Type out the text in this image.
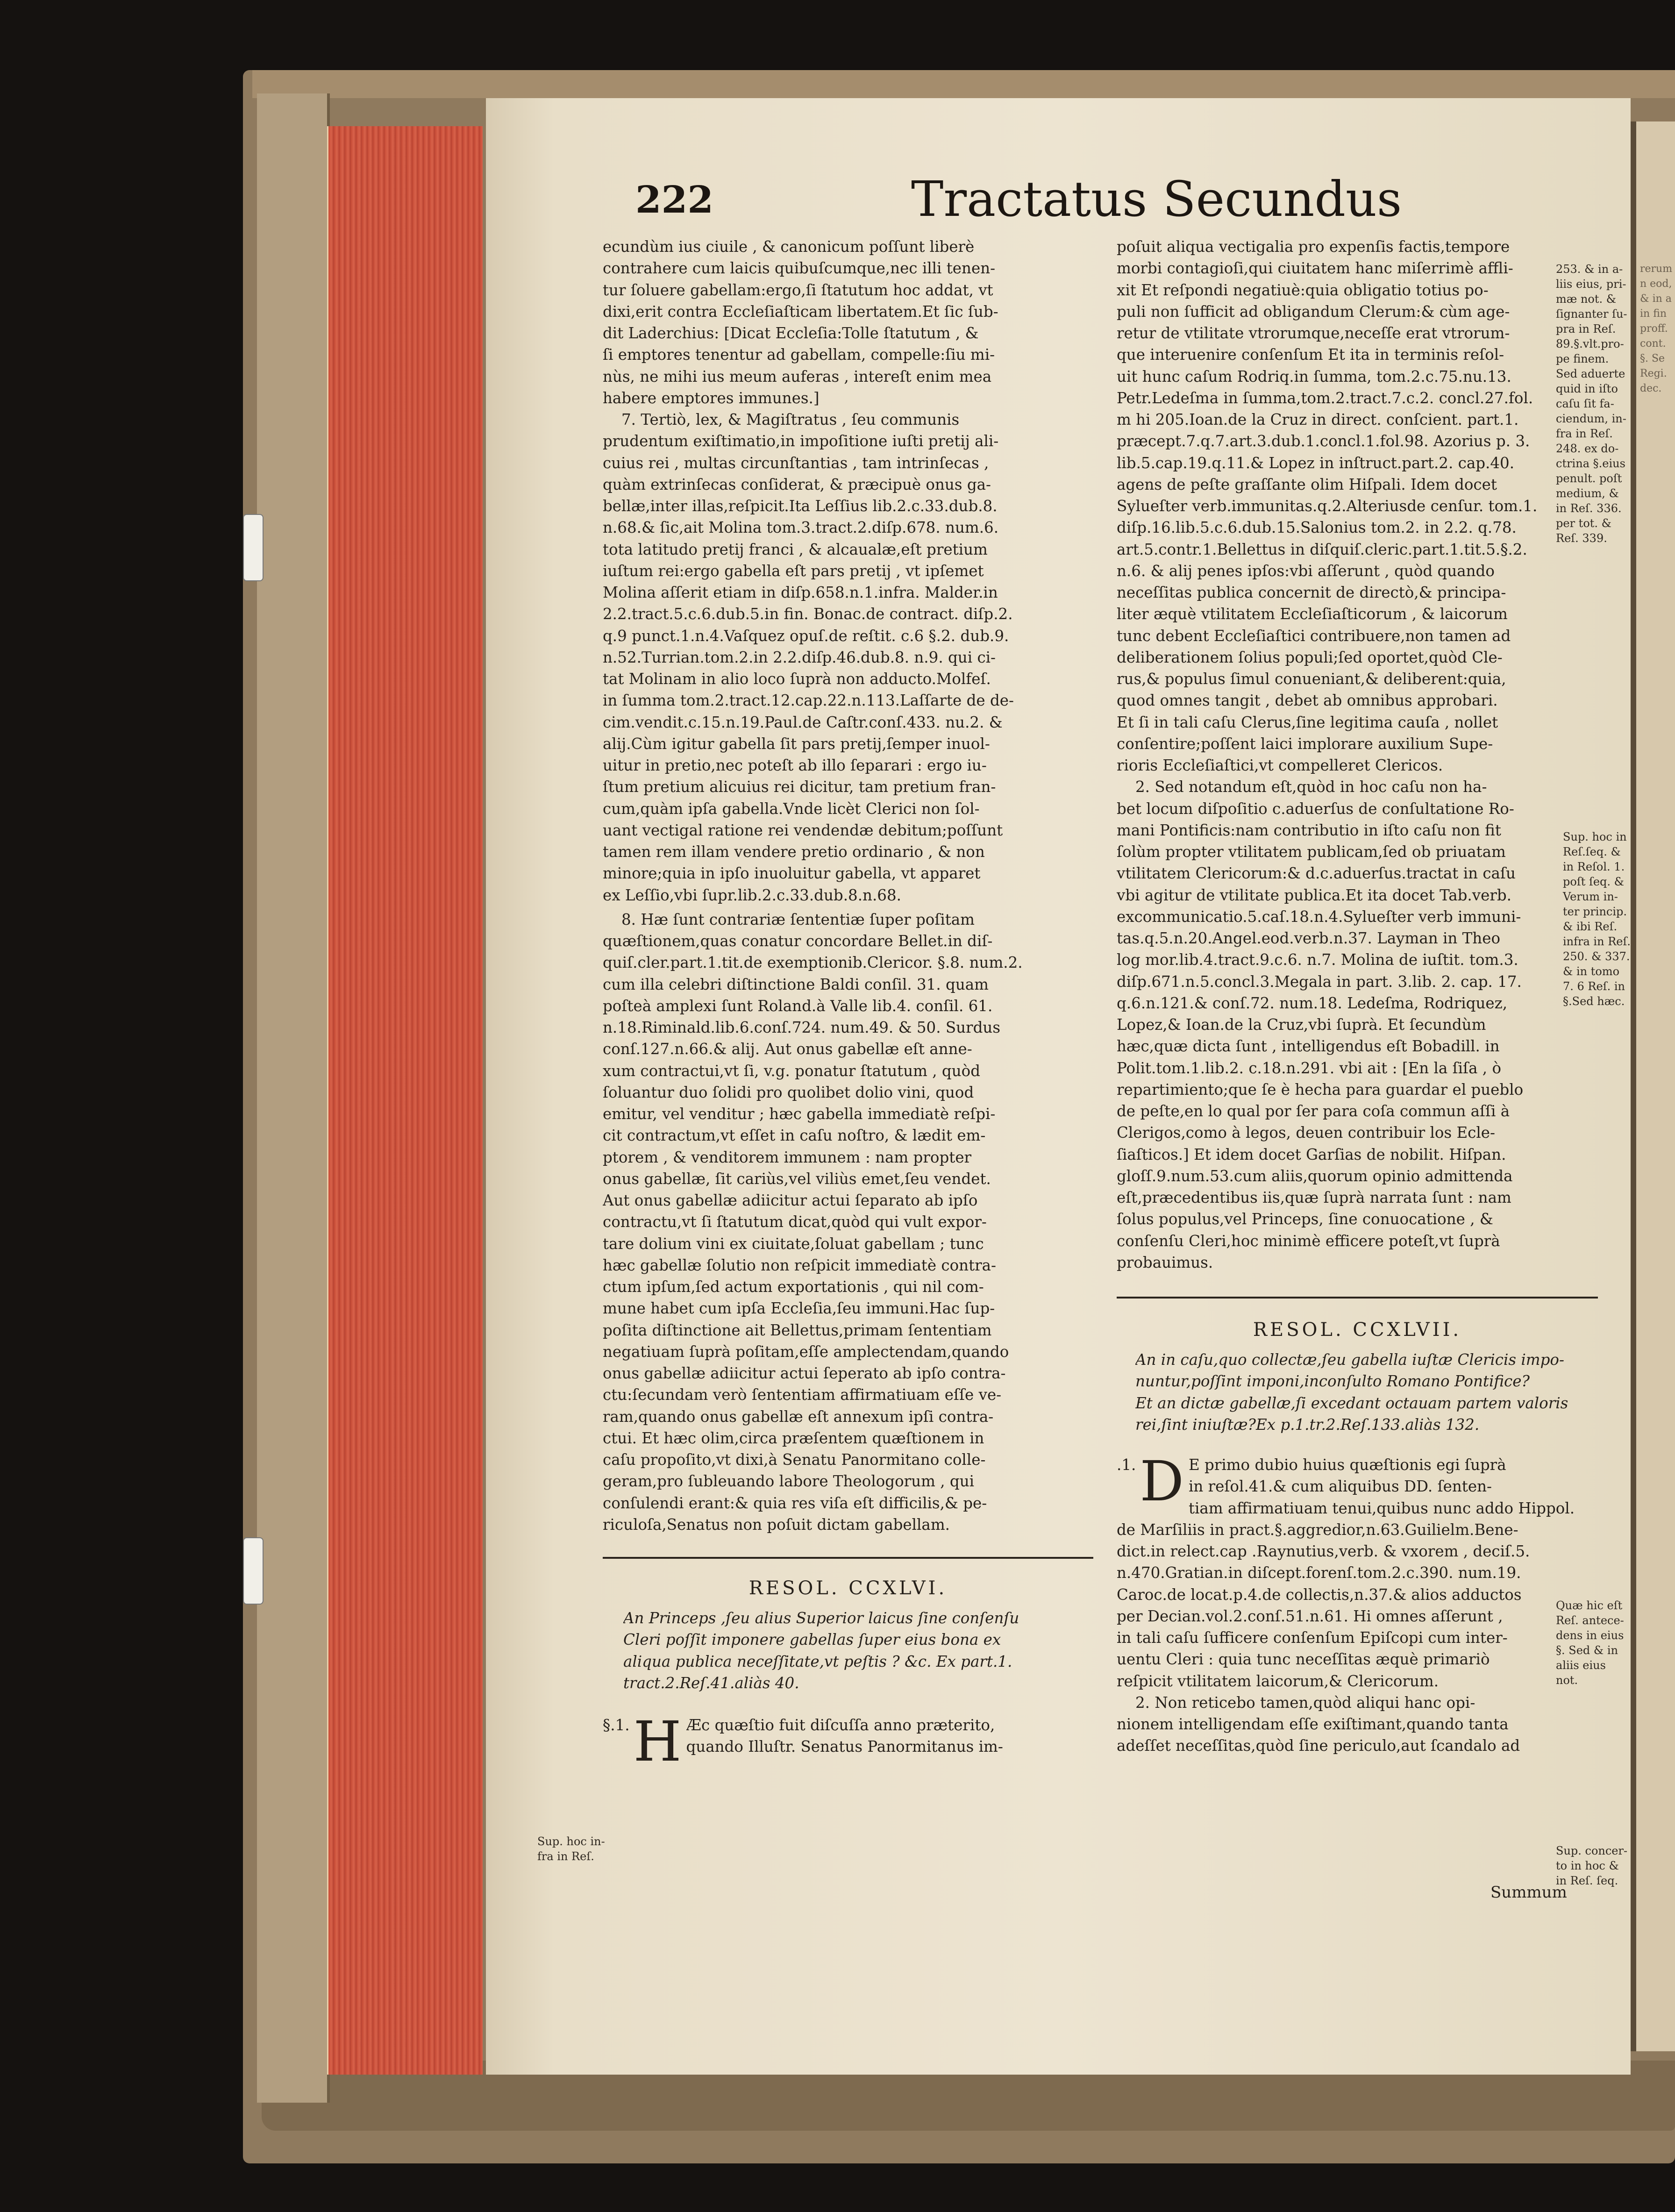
rerum
n eod,
& in a
in fin
proff.
cont.
§. Se
Regi.
dec.
222	Tractatus Secundus
ecundùm ius ciuile , & canonicum poſſunt liberè
contrahere cum laicis quibuſcumque,nec illi tenen-
tur ſoluere gabellam:ergo,ſi ſtatutum hoc addat, vt
dixi,erit contra Eccleſiaſticam libertatem.Et ſic ſub-
dit Laderchius: [Dicat Eccleſia:Tolle ſtatutum , &
ſi emptores tenentur ad gabellam, compelle:ſiu mi-
nùs, ne mihi ius meum auferas , intereſt enim mea
habere emptores immunes.]
7. Tertiò, lex, & Magiſtratus , ſeu communis
prudentum exiſtimatio,in impoſitione iuſti pretij ali-
cuius rei , multas circunſtantias , tam intrinſecas ,
quàm extrinſecas conſiderat, & præcipuè onus ga-
bellæ,inter illas,reſpicit.Ita Leſſius lib.2.c.33.dub.8.
n.68.& ſic,ait Molina tom.3.tract.2.diſp.678. num.6.
tota latitudo pretij franci , & alcaualæ,eſt pretium
iuſtum rei:ergo gabella eſt pars pretij , vt ipſemet
Molina aſſerit etiam in diſp.658.n.1.infra. Malder.in
2.2.tract.5.c.6.dub.5.in fin. Bonac.de contract. diſp.2.
q.9 punct.1.n.4.Vaſquez opuſ.de reſtit. c.6 §.2. dub.9.
n.52.Turrian.tom.2.in 2.2.diſp.46.dub.8. n.9. qui ci-
tat Molinam in alio loco ſuprà non adducto.Molfeſ.
in ſumma tom.2.tract.12.cap.22.n.113.Laſſarte de de-
cim.vendit.c.15.n.19.Paul.de Caſtr.conſ.433. nu.2. &
alij.Cùm igitur gabella ſit pars pretij,ſemper inuol-
uitur in pretio,nec poteſt ab illo ſeparari : ergo iu-
ſtum pretium alicuius rei dicitur, tam pretium fran-
cum,quàm ipſa gabella.Vnde licèt Clerici non ſol-
uant vectigal ratione rei vendendæ debitum;poſſunt
tamen rem illam vendere pretio ordinario , & non
minore;quia in ipſo inuoluitur gabella, vt apparet
ex Leſſio,vbi ſupr.lib.2.c.33.dub.8.n.68.
8. Hæ ſunt contrariæ ſententiæ ſuper poſitam
quæſtionem,quas conatur concordare Bellet.in diſ-
quiſ.cler.part.1.tit.de exemptionib.Clericor. §.8. num.2.
cum illa celebri diſtinctione Baldi conſil. 31. quam
poſteà amplexi ſunt Roland.à Valle lib.4. conſil. 61.
n.18.Riminald.lib.6.conſ.724. num.49. & 50. Surdus
conſ.127.n.66.& alij. Aut onus gabellæ eſt anne-
xum contractui,vt ſi, v.g. ponatur ſtatutum , quòd
ſoluantur duo ſolidi pro quolibet dolio vini, quod
emitur, vel venditur ; hæc gabella immediatè reſpi-
cit contractum,vt eſſet in caſu noſtro, & lædit em-
ptorem , & venditorem immunem : nam propter
onus gabellæ, ſit cariùs,vel viliùs emet,ſeu vendet.
Aut onus gabellæ adiicitur actui ſeparato ab ipſo
contractu,vt ſi ſtatutum dicat,quòd qui vult expor-
tare dolium vini ex ciuitate,ſoluat gabellam ; tunc
hæc gabellæ ſolutio non reſpicit immediatè contra-
ctum ipſum,ſed actum exportationis , qui nil com-
mune habet cum ipſa Eccleſia,ſeu immuni.Hac ſup-
poſita diſtinctione ait Bellettus,primam ſententiam
negatiuam ſuprà poſitam,eſſe amplectendam,quando
onus gabellæ adiicitur actui ſeperato ab ipſo contra-
ctu:ſecundam verò ſententiam affirmatiuam eſſe ve-
ram,quando onus gabellæ eſt annexum ipſi contra-
ctui. Et hæc olim,circa præſentem quæſtionem in
caſu propoſito,vt dixi,à Senatu Panormitano colle-
geram,pro ſubleuando labore Theologorum , qui
conſulendi erant:& quia res viſa eſt difficilis,& pe-
riculoſa,Senatus non poſuit dictam gabellam.
RESOL. CCXLVI.
An Princeps ,ſeu alius Superior laicus ſine conſenſu
Cleri poſſit imponere gabellas ſuper eius bona ex
aliqua publica neceſſitate,vt peſtis ? &c. Ex part.1.
tract.2.Reſ.41.aliàs 40.
§.1. H Æc quæſtio fuit diſcuſſa anno præterito,
quando Illuſtr. Senatus Panormitanus im-
Sup. hoc in-
fra in Reſ.
poſuit aliqua vectigalia pro expenſis factis,tempore
morbi contagioſi,qui ciuitatem hanc miſerrimè affli-
xit Et reſpondi negatiuè:quia obligatio totius po-
puli non ſufficit ad obligandum Clerum:& cùm age-
retur de vtilitate vtrorumque,neceſſe erat vtrorum-
que interuenire conſenſum Et ita in terminis reſol-
uit hunc caſum Rodriq.in ſumma, tom.2.c.75.nu.13.
Petr.Ledeſma in ſumma,tom.2.tract.7.c.2. concl.27.fol.
m hi 205.Ioan.de la Cruz in direct. conſcient. part.1.
præcept.7.q.7.art.3.dub.1.concl.1.fol.98. Azorius p. 3.
lib.5.cap.19.q.11.& Lopez in inſtruct.part.2. cap.40.
agens de peſte graſſante olim Hiſpali. Idem docet
Sylueſter verb.immunitas.q.2.Alteriusde cenſur. tom.1.
diſp.16.lib.5.c.6.dub.15.Salonius tom.2. in 2.2. q.78.
art.5.contr.1.Bellettus in diſquiſ.cleric.part.1.tit.5.§.2.
n.6. & alij penes ipſos:vbi aſſerunt , quòd quando
neceſſitas publica concernit de directò,& principa-
liter æquè vtilitatem Eccleſiaſticorum , & laicorum
tunc debent Eccleſiaſtici contribuere,non tamen ad
deliberationem ſolius populi;ſed oportet,quòd Cle-
rus,& populus ſimul conueniant,& deliberent:quia,
quod omnes tangit , debet ab omnibus approbari.
Et ſi in tali caſu Clerus,ſine legitima cauſa , nollet
conſentire;poſſent laici implorare auxilium Supe-
rioris Eccleſiaſtici,vt compelleret Clericos.
2. Sed notandum eſt,quòd in hoc caſu non ha-
bet locum diſpoſitio c.aduerſus de conſultatione Ro-
mani Pontificis:nam contributio in iſto caſu non fit
ſolùm propter vtilitatem publicam,ſed ob priuatam
vtilitatem Clericorum:& d.c.aduerſus.tractat in caſu
vbi agitur de vtilitate publica.Et ita docet Tab.verb.
excommunicatio.5.caſ.18.n.4.Sylueſter verb immuni-
tas.q.5.n.20.Angel.eod.verb.n.37. Layman in Theo
log mor.lib.4.tract.9.c.6. n.7. Molina de iuſtit. tom.3.
diſp.671.n.5.concl.3.Megala in part. 3.lib. 2. cap. 17.
q.6.n.121.& conſ.72. num.18. Ledeſma, Rodriquez,
Lopez,& Ioan.de la Cruz,vbi ſuprà. Et ſecundùm
hæc,quæ dicta ſunt , intelligendus eſt Bobadill. in
Polit.tom.1.lib.2. c.18.n.291. vbi ait : [En la ſiſa , ò
repartimiento;que ſe è hecha para guardar el pueblo
de peſte,en lo qual por ſer para coſa commun aſſi à
Clerigos,como à legos, deuen contribuir los Ecle-
ſiaſticos.] Et idem docet Garſias de nobilit. Hiſpan.
gloſſ.9.num.53.cum aliis,quorum opinio admittenda
eſt,præcedentibus iis,quæ ſuprà narrata ſunt : nam
ſolus populus,vel Princeps, ſine conuocatione , &
conſenſu Cleri,hoc minimè efficere poteſt,vt ſuprà
probauimus.
RESOL. CCXLVII.
An in caſu,quo collectæ,ſeu gabella iuſtæ Clericis impo-
nuntur,poſſint imponi,inconſulto Romano Pontifice?
Et an dictæ gabellæ,ſi excedant octauam partem valoris
rei,ſint iniuſtæ?Ex p.1.tr.2.Reſ.133.aliàs 132.
.1. D E primo dubio huius quæſtionis egi ſuprà
in reſol.41.& cum aliquibus DD. ſenten-
tiam affirmatiuam tenui,quibus nunc addo Hippol.
de Marſiliis in pract.§.aggredior,n.63.Guilielm.Bene-
dict.in relect.cap .Raynutius,verb. & vxorem , deciſ.5.
n.470.Gratian.in diſcept.forenſ.tom.2.c.390. num.19.
Caroc.de locat.p.4.de collectis,n.37.& alios adductos
per Decian.vol.2.conſ.51.n.61. Hi omnes aſſerunt ,
in tali caſu ſufficere conſenſum Epiſcopi cum inter-
uentu Cleri : quia tunc neceſſitas æquè primariò
reſpicit vtilitatem laicorum,& Clericorum.
2. Non reticebo tamen,quòd aliqui hanc opi-
nionem intelligendam eſſe exiſtimant,quando tanta
adeſſet neceſſitas,quòd ſine periculo,aut ſcandalo ad
Summum
253. & in a-
liis eius, pri-
mæ not. &
ſignanter ſu-
pra in Reſ.
89.§.vlt.pro-
pe finem.
Sed aduerte
quid in iſto
caſu ſit fa-
ciendum, in-
fra in Reſ.
248. ex do-
ctrina §.eius
penult. poſt
medium, &
in Reſ. 336.
per tot. &
Reſ. 339.
Sup. hoc in
Reſ.ſeq. &
in Reſol. 1.
poſt ſeq. &
Verum in-
ter princip.
& ibi Reſ.
infra in Reſ.
250. & 337.
& in tomo
7. 6 Reſ. in
§.Sed hæc.
Quæ hic eſt
Reſ. antece-
dens in eius
§. Sed & in
aliis eius
not.
Sup. concer-
to in hoc &
in Reſ. ſeq.
